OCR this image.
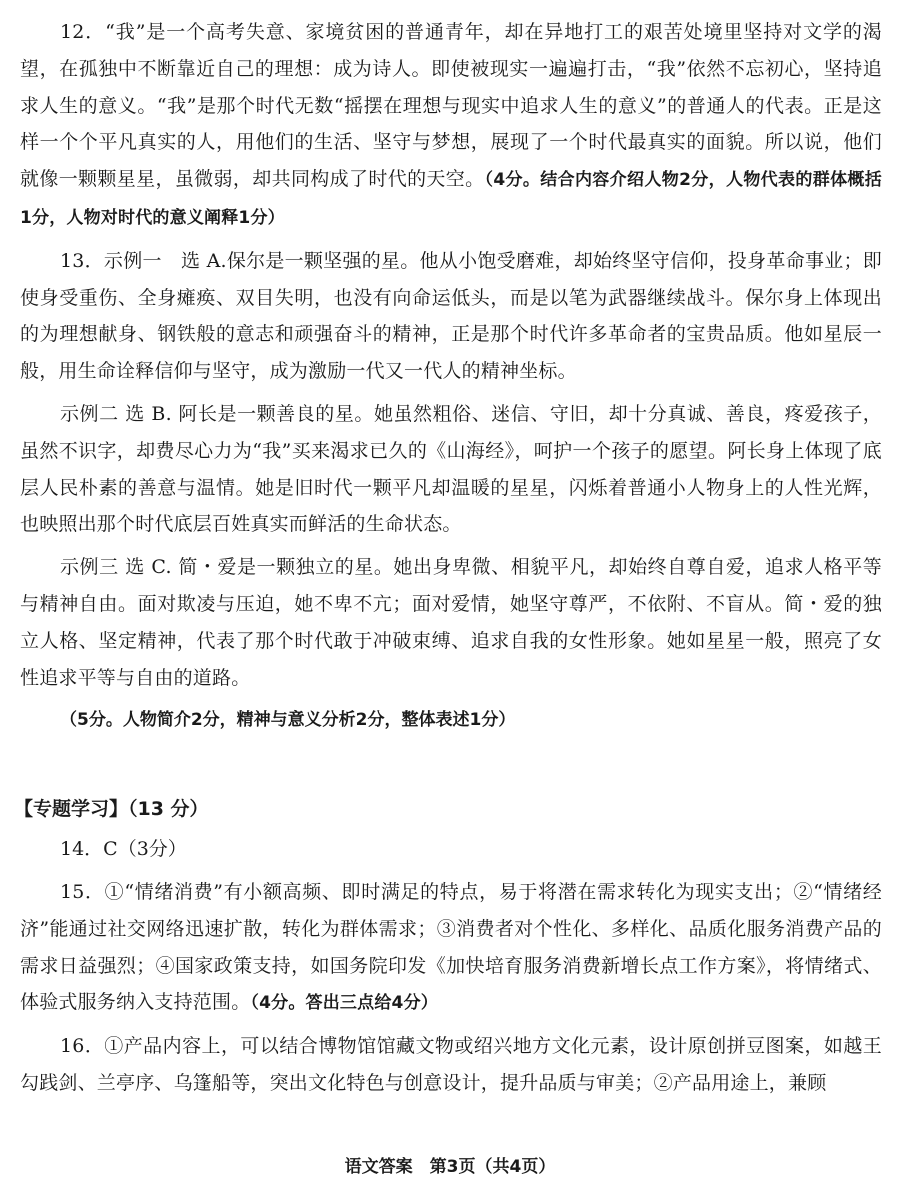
12．“我”是一个高考失意、家境贫困的普通青年，却在异地打工的艰苦处境里坚持对文学的渴望，在孤独中不断靠近自己的理想：成为诗人。即使被现实一遍遍打击，“我”依然不忘初心，坚持追求人生的意义。“我”是那个时代无数“摇摆在理想与现实中追求人生的意义”的普通人的代表。正是这样一个个平凡真实的人，用他们的生活、坚守与梦想，展现了一个时代最真实的面貌。所以说，他们就像一颗颗星星，虽微弱，却共同构成了时代的天空。（4分。结合内容介绍人物2分，人物代表的群体概括1分，人物对时代的意义阐释1分）

13．示例一　选 A.保尔是一颗坚强的星。他从小饱受磨难，却始终坚守信仰，投身革命事业；即使身受重伤、全身瘫痪、双目失明，也没有向命运低头，而是以笔为武器继续战斗。保尔身上体现出的为理想献身、钢铁般的意志和顽强奋斗的精神，正是那个时代许多革命者的宝贵品质。他如星辰一般，用生命诠释信仰与坚守，成为激励一代又一代人的精神坐标。

示例二 选 B. 阿长是一颗善良的星。她虽然粗俗、迷信、守旧，却十分真诚、善良，疼爱孩子，虽然不识字，却费尽心力为“我”买来渴求已久的《山海经》，呵护一个孩子的愿望。阿长身上体现了底层人民朴素的善意与温情。她是旧时代一颗平凡却温暖的星星，闪烁着普通小人物身上的人性光辉，也映照出那个时代底层百姓真实而鲜活的生命状态。

示例三 选 C. 简・爱是一颗独立的星。她出身卑微、相貌平凡，却始终自尊自爱，追求人格平等与精神自由。面对欺凌与压迫，她不卑不亢；面对爱情，她坚守尊严，不依附、不盲从。简・爱的独立人格、坚定精神，代表了那个时代敢于冲破束缚、追求自我的女性形象。她如星星一般，照亮了女性追求平等与自由的道路。

（5分。人物简介2分，精神与意义分析2分，整体表述1分）

【专题学习】（13 分）

14．C（3分）

15．①“情绪消费”有小额高频、即时满足的特点，易于将潜在需求转化为现实支出；②“情绪经济”能通过社交网络迅速扩散，转化为群体需求；③消费者对个性化、多样化、品质化服务消费产品的需求日益强烈；④国家政策支持，如国务院印发《加快培育服务消费新增长点工作方案》，将情绪式、体验式服务纳入支持范围。（4分。答出三点给4分）

16．①产品内容上，可以结合博物馆馆藏文物或绍兴地方文化元素，设计原创拼豆图案，如越王勾践剑、兰亭序、乌篷船等，突出文化特色与创意设计，提升品质与审美；②产品用途上，兼顾

语文答案　第3页（共4页）
